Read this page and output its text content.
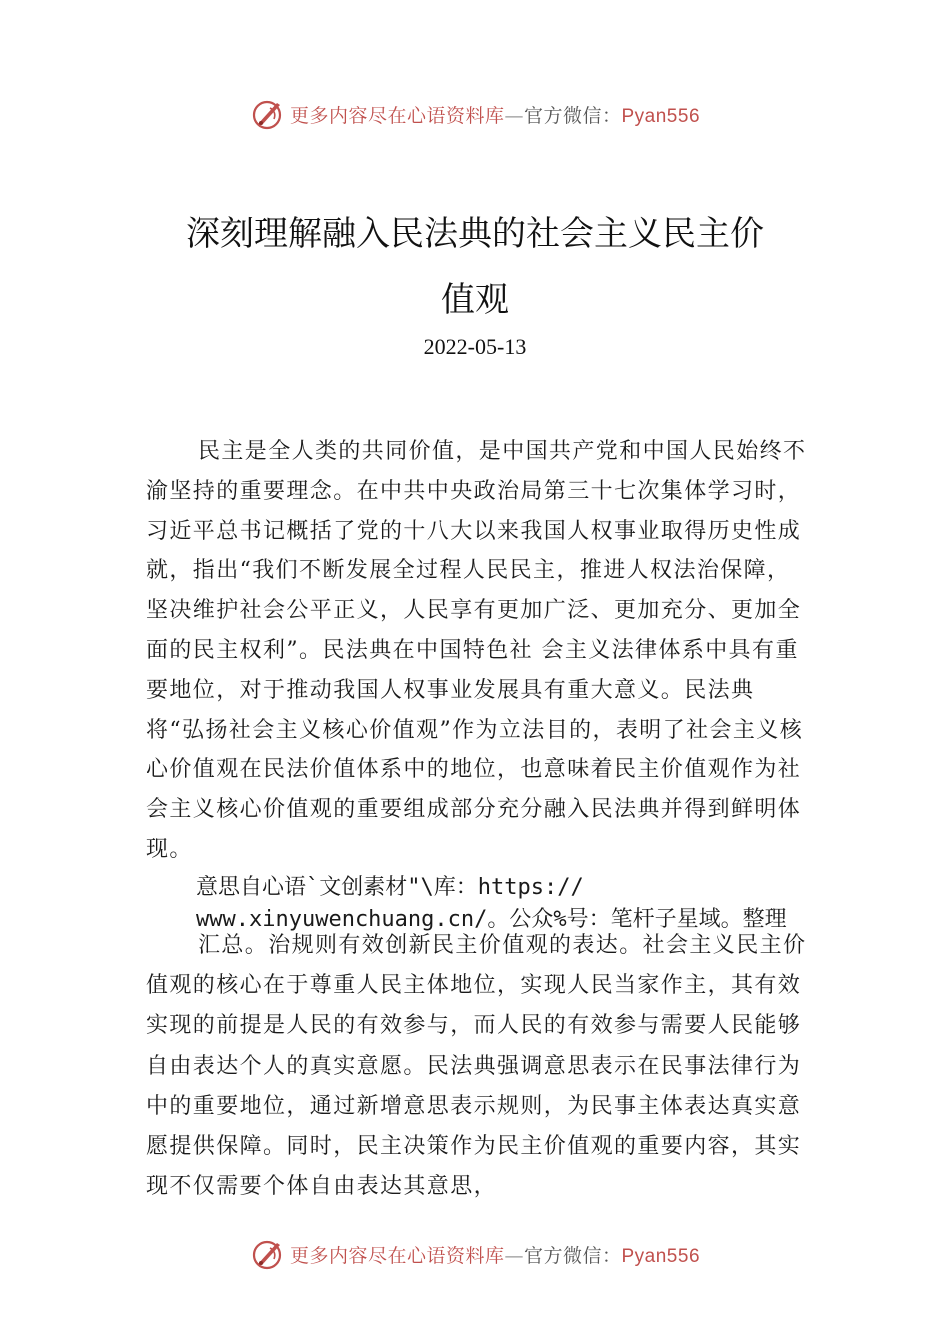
更多内容尽在心语资料库—官方微信：Pyan556
深刻理解融入民法典的社会主义民主价
值观
2022-05-13
民主是全人类的共同价值，是中国共产党和中国人民始终不渝坚持的重要理念。在中共中央政治局第三十七次集体学习时，习近平总书记概括了党的十八大以来我国人权事业取得历史性成就，指出“我们不断发展全过程人民民主，推进人权法治保障，坚决维护社会公平正义，人民享有更加广泛、更加充分、更加全面的民主权利”。民法典在中国特色社 会主义法律体系中具有重要地位，对于推动我国人权事业发展具有重大意义。民法典将“弘扬社会主义核心价值观”作为立法目的，表明了社会主义核心价值观在民法价值体系中的地位，也意味着民主价值观作为社会主义核心价值观的重要组成部分充分融入民法典并得到鲜明体现。
意思自心语`文创素材"\库：https://
www.xinyuwenchuang.cn/。公众%号：笔杆子星域。整理
汇总。治规则有效创新民主价值观的表达。社会主义民主价值观的核心在于尊重人民主体地位，实现人民当家作主，其有效实现的前提是人民的有效参与，而人民的有效参与需要人民能够自由表达个人的真实意愿。民法典强调意思表示在民事法律行为中的重要地位，通过新增意思表示规则，为民事主体表达真实意愿提供保障。同时，民主决策作为民主价值观的重要内容，其实现不仅需要个体自由表达其意思，
更多内容尽在心语资料库—官方微信：Pyan556
